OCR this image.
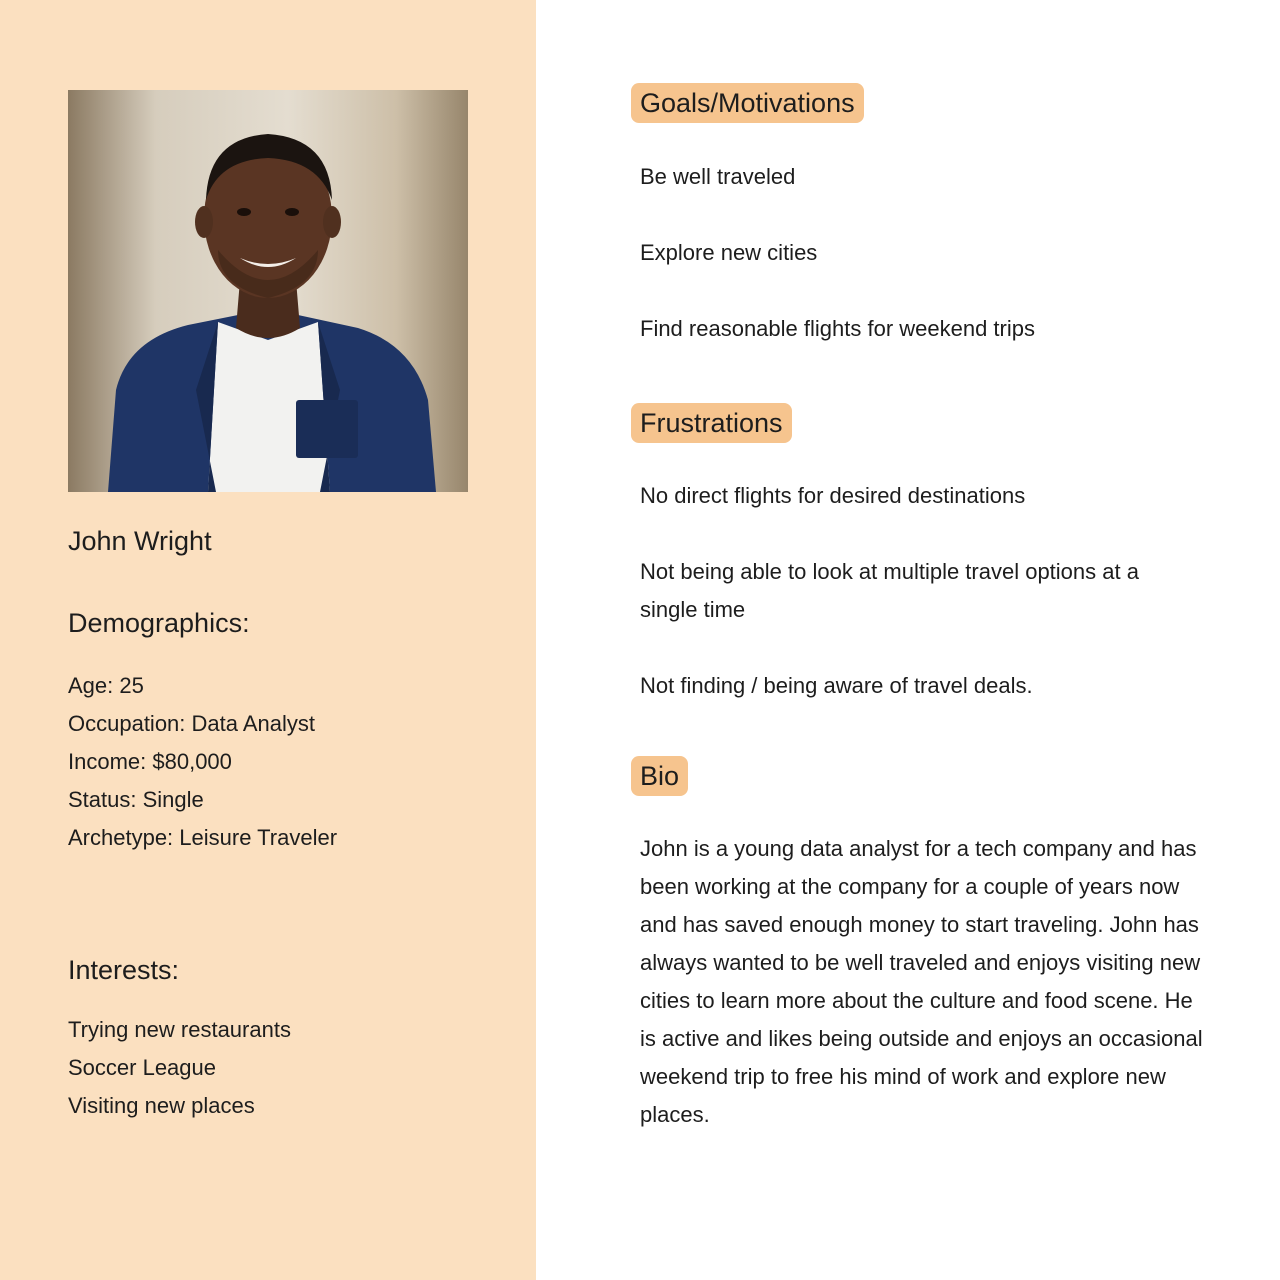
John Wright
Demographics:
Age: 25
Occupation: Data Analyst
Income: $80,000
Status: Single
Archetype: Leisure Traveler
Interests:
Trying new restaurants
Soccer League
Visiting new places
Goals/Motivations
Be well traveled
Explore new cities
Find reasonable flights for weekend trips
Frustrations
No direct flights for desired destinations
Not being able to look at multiple travel options at a single time
Not finding / being aware of travel deals.
Bio
John is a young data analyst for a tech company and has been working at the company for a couple of years now and has saved enough money to start traveling. John has always wanted to be well traveled and enjoys visiting new cities to learn more about the culture and food scene. He is active and likes being outside and enjoys an occasional weekend trip to free his mind of work and explore new places.
